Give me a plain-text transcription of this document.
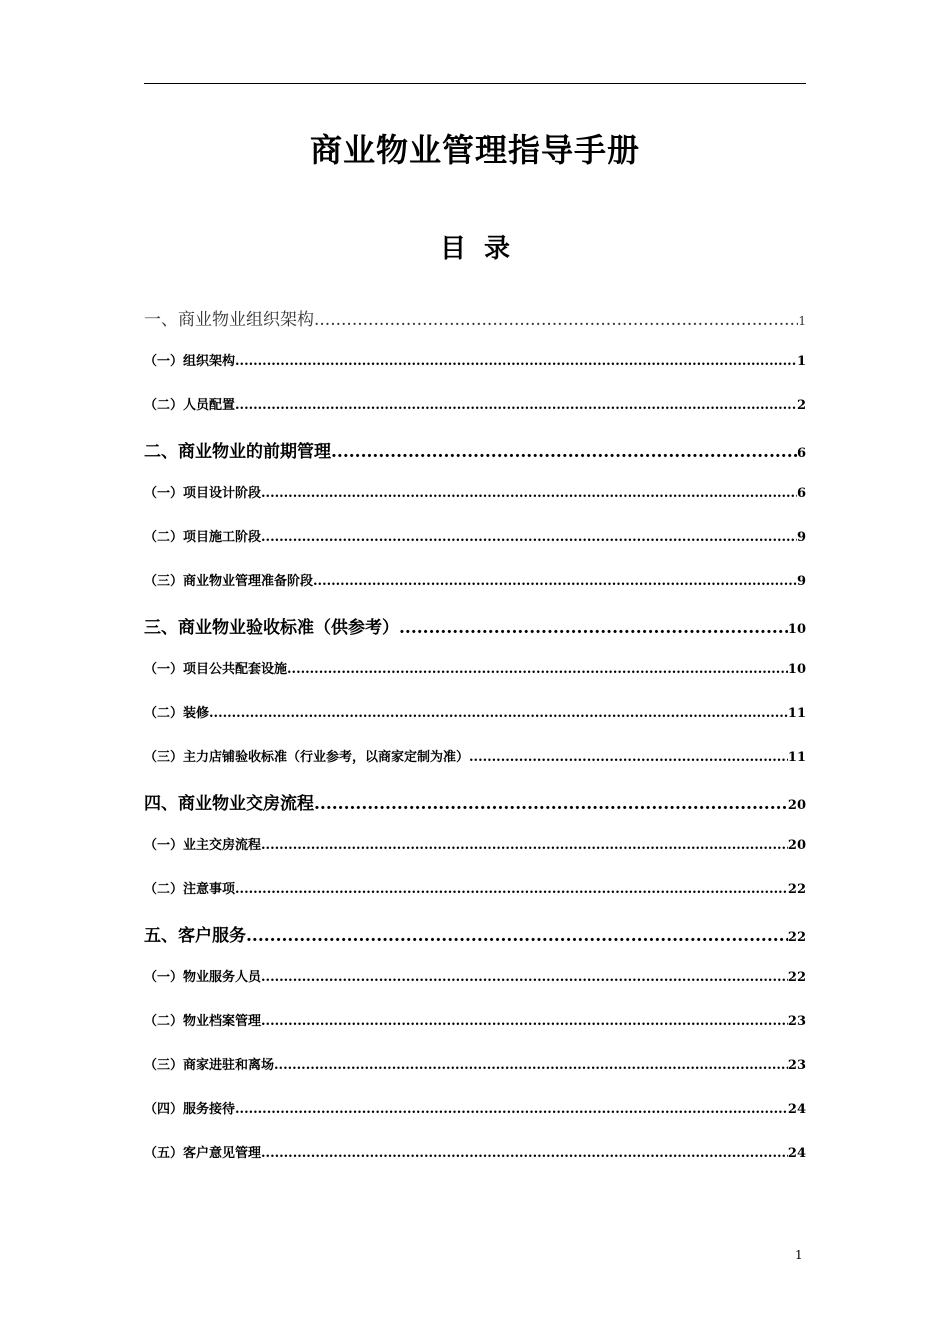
商业物业管理指导手册
目  录
一、商业物业组织架构 .....	1
（一）组织架构 .....	1
（二）人员配置 .....	2
二、商业物业的前期管理 .....	6
（一）项目设计阶段 .....	6
（二）项目施工阶段 .....	9
（三）商业物业管理准备阶段 .....	9
三、商业物业验收标准（供参考） .....	10
（一）项目公共配套设施 .....	10
（二）装修 .....	11
（三）主力店铺验收标准（行业参考，以商家定制为准） .....	11
四、商业物业交房流程 .....	20
（一）业主交房流程 .....	20
（二）注意事项 .....	22
五、客户服务 .....	22
（一）物业服务人员 .....	22
（二）物业档案管理 .....	23
（三）商家进驻和离场 .....	23
（四）服务接待 .....	24
（五）客户意见管理 .....	24
1
